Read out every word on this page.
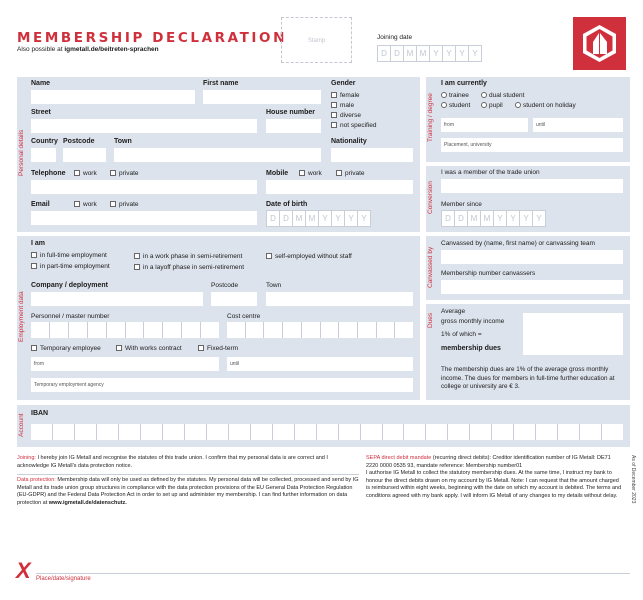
MEMBERSHIP DECLARATION
Also possible at igmetall.de/beitreten-sprachen
Stamp	Joining date
D D M M Y Y Y Y
Personal details
Name	First name	Gender
female
male
diverse
not specified
Street	House number
Country Postcode	Town	Nationality
Telephone	work	private	Mobile	work	private
Email	work	private	Date of birth
D D M M Y Y Y Y
Employment data
I am
in full-time employment
in part-time employment
in a work phase in semi-retirement
in a layoff phase in semi-retirement
self-employed without staff
Company / deployment	Postcode	Town
Personnel / master number	Cost centre
Temporary employee	With works contract	Fixed-term
from	until
Temporary employment agency
Training / degree
I am currently
trainee	dual student
student	pupil	student on holiday
from	until
Placement, university
Conversion
I was a member of the trade union
Member since
D D M M Y Y Y Y
Canvassed by
Canvassed by (name, first name) or canvassing team
Membership number canvassers
Dues
Average
gross monthly income
1% of which =
membership dues
The membership dues are 1% of the average gross monthly income. The dues for members in full-time further education at college or university are € 3.
Account IBAN
Joining: I hereby join IG Metall and recognise the statutes of this trade union. I confirm that my personal data is are correct and I acknowledge IG Metall's data protection notice.
Data protection: Membership data will only be used as defined by the statutes. My personal data will be collected, processed and send by IG Metall and its trade union group structures in compliance with the data protection provisions of the EU General Data Protection Regulation (EU-GDPR) and the Federal Data Protection Act in order to set up and administer my membership. I can find further information on data protection at www.igmetall.de/datenschutz.
SEPA direct debit mandate (recurring direct debits): Creditor identification number of IG Metall: DE71 2220 0000 0535 93, mandate reference: Membership number01
I authorise IG Metall to collect the statutory membership dues. At the same time, I instruct my bank to honour the direct debits drawn on my account by IG Metall. Note: I can request that the amount charged is reimbursed within eight weeks, beginning with the date on which my account is debited. The terms and conditions agreed with my bank apply. I will inform IG Metall of any changes to my details without delay.	As of December 2023
X Place/date/signature
